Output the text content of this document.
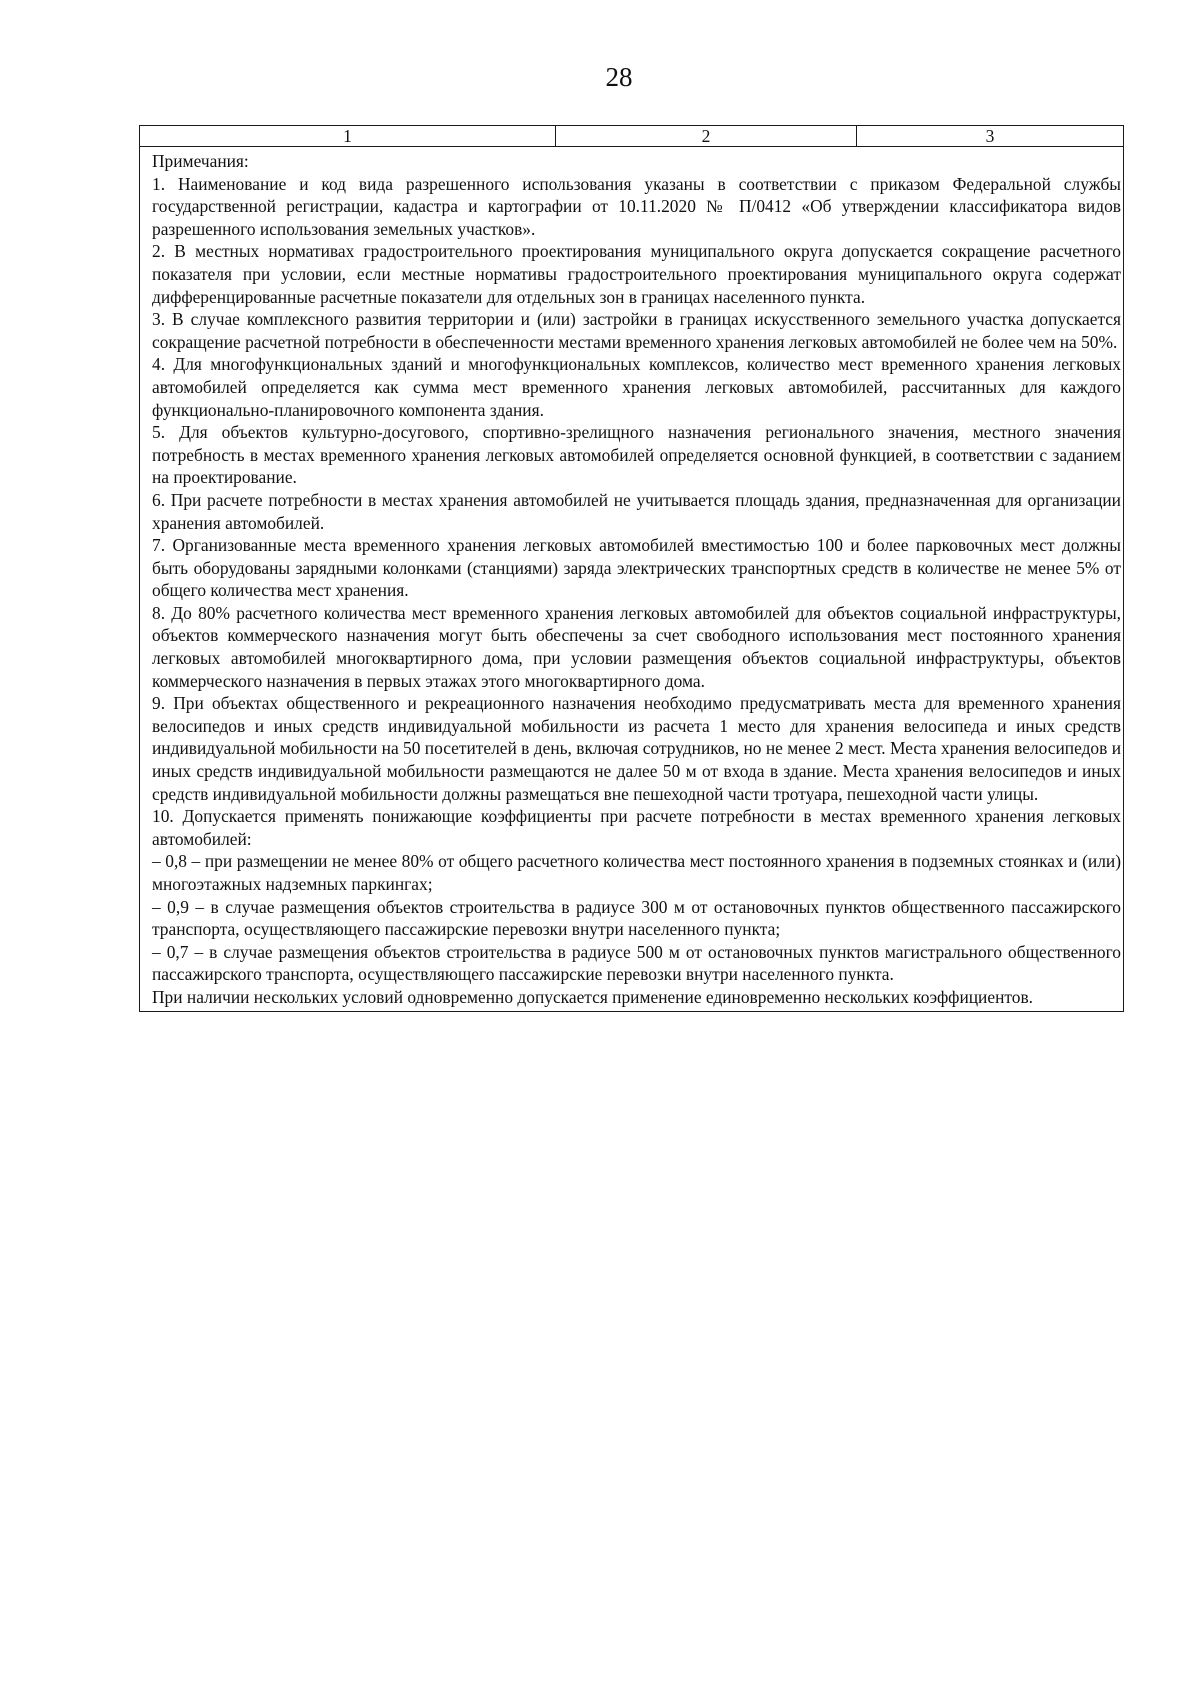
28
1	2	3

Примечания:

1. Наименование и код вида разрешенного использования указаны в соответствии с приказом Федеральной службы государственной регистрации, кадастра и картографии от 10.11.2020 № П/0412 «Об утверждении классификатора видов разрешенного использования земельных участков».

2. В местных нормативах градостроительного проектирования муниципального округа допускается сокращение расчетного показателя при условии, если местные нормативы градостроительного проектирования муниципального округа содержат дифференцированные расчетные показатели для отдельных зон в границах населенного пункта.

3. В случае комплексного развития территории и (или) застройки в границах искусственного земельного участка допускается сокращение расчетной потребности в обеспеченности местами временного хранения легковых автомобилей не более чем на 50%.

4. Для многофункциональных зданий и многофункциональных комплексов, количество мест временного хранения легковых автомобилей определяется как сумма мест временного хранения легковых автомобилей, рассчитанных для каждого функционально-планировочного компонента здания.

5. Для объектов культурно-досугового, спортивно-зрелищного назначения регионального значения, местного значения потребность в местах временного хранения легковых автомобилей определяется основной функцией, в соответствии с заданием на проектирование.

6. При расчете потребности в местах хранения автомобилей не учитывается площадь здания, предназначенная для организации хранения автомобилей.

7. Организованные места временного хранения легковых автомобилей вместимостью 100 и более парковочных мест должны быть оборудованы зарядными колонками (станциями) заряда электрических транспортных средств в количестве не менее 5% от общего количества мест хранения.

8. До 80% расчетного количества мест временного хранения легковых автомобилей для объектов социальной инфраструктуры, объектов коммерческого назначения могут быть обеспечены за счет свободного использования мест постоянного хранения легковых автомобилей многоквартирного дома, при условии размещения объектов социальной инфраструктуры, объектов коммерческого назначения в первых этажах этого многоквартирного дома.

9. При объектах общественного и рекреационного назначения необходимо предусматривать места для временного хранения велосипедов и иных средств индивидуальной мобильности из расчета 1 место для хранения велосипеда и иных средств индивидуальной мобильности на 50 посетителей в день, включая сотрудников, но не менее 2 мест. Места хранения велосипедов и иных средств индивидуальной мобильности размещаются не далее 50 м от входа в здание. Места хранения велосипедов и иных средств индивидуальной мобильности должны размещаться вне пешеходной части тротуара, пешеходной части улицы.

10. Допускается применять понижающие коэффициенты при расчете потребности в местах временного хранения легковых автомобилей:

– 0,8 – при размещении не менее 80% от общего расчетного количества мест постоянного хранения в подземных стоянках и (или) многоэтажных надземных паркингах;

– 0,9 – в случае размещения объектов строительства в радиусе 300 м от остановочных пунктов общественного пассажирского транспорта, осуществляющего пассажирские перевозки внутри населенного пункта;

– 0,7 – в случае размещения объектов строительства в радиусе 500 м от остановочных пунктов магистрального общественного пассажирского транспорта, осуществляющего пассажирские перевозки внутри населенного пункта.

При наличии нескольких условий одновременно допускается применение единовременно нескольких коэффициентов.
